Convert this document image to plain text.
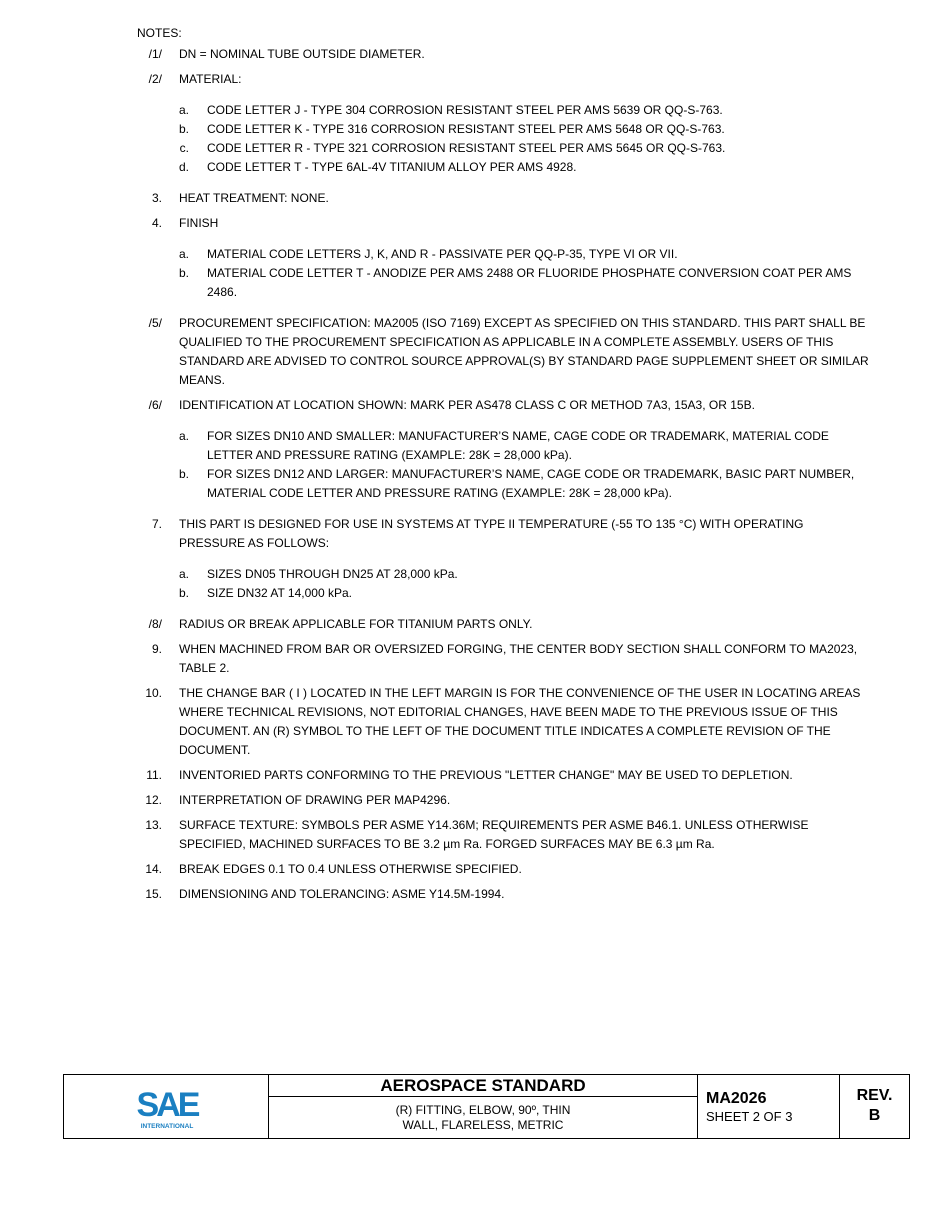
NOTES:
/1/ DN = NOMINAL TUBE OUTSIDE DIAMETER.
/2/ MATERIAL:
a. CODE LETTER J - TYPE 304 CORROSION RESISTANT STEEL PER AMS 5639 OR QQ-S-763.
b. CODE LETTER K - TYPE 316 CORROSION RESISTANT STEEL PER AMS 5648 OR QQ-S-763.
c. CODE LETTER R - TYPE 321 CORROSION RESISTANT STEEL PER AMS 5645 OR QQ-S-763.
d. CODE LETTER T - TYPE 6AL-4V TITANIUM ALLOY PER AMS 4928.
3. HEAT TREATMENT: NONE.
4. FINISH
a. MATERIAL CODE LETTERS J, K, AND R - PASSIVATE PER QQ-P-35, TYPE VI OR VII.
b. MATERIAL CODE LETTER T - ANODIZE PER AMS 2488 OR FLUORIDE PHOSPHATE CONVERSION COAT PER AMS 2486.
/5/ PROCUREMENT SPECIFICATION: MA2005 (ISO 7169) EXCEPT AS SPECIFIED ON THIS STANDARD. THIS PART SHALL BE QUALIFIED TO THE PROCUREMENT SPECIFICATION AS APPLICABLE IN A COMPLETE ASSEMBLY. USERS OF THIS STANDARD ARE ADVISED TO CONTROL SOURCE APPROVAL(S) BY STANDARD PAGE SUPPLEMENT SHEET OR SIMILAR MEANS.
/6/ IDENTIFICATION AT LOCATION SHOWN: MARK PER AS478 CLASS C OR METHOD 7A3, 15A3, OR 15B.
a. FOR SIZES DN10 AND SMALLER: MANUFACTURER’S NAME, CAGE CODE OR TRADEMARK, MATERIAL CODE LETTER AND PRESSURE RATING (EXAMPLE: 28K = 28,000 kPa).
b. FOR SIZES DN12 AND LARGER: MANUFACTURER’S NAME, CAGE CODE OR TRADEMARK, BASIC PART NUMBER, MATERIAL CODE LETTER AND PRESSURE RATING (EXAMPLE: 28K = 28,000 kPa).
7. THIS PART IS DESIGNED FOR USE IN SYSTEMS AT TYPE II TEMPERATURE (-55 TO 135 °C) WITH OPERATING PRESSURE AS FOLLOWS:
a. SIZES DN05 THROUGH DN25 AT 28,000 kPa.
b. SIZE DN32 AT 14,000 kPa.
/8/ RADIUS OR BREAK APPLICABLE FOR TITANIUM PARTS ONLY.
9. WHEN MACHINED FROM BAR OR OVERSIZED FORGING, THE CENTER BODY SECTION SHALL CONFORM TO MA2023, TABLE 2.
10. THE CHANGE BAR ( I ) LOCATED IN THE LEFT MARGIN IS FOR THE CONVENIENCE OF THE USER IN LOCATING AREAS WHERE TECHNICAL REVISIONS, NOT EDITORIAL CHANGES, HAVE BEEN MADE TO THE PREVIOUS ISSUE OF THIS DOCUMENT. AN (R) SYMBOL TO THE LEFT OF THE DOCUMENT TITLE INDICATES A COMPLETE REVISION OF THE DOCUMENT.
11. INVENTORIED PARTS CONFORMING TO THE PREVIOUS "LETTER CHANGE" MAY BE USED TO DEPLETION.
12. INTERPRETATION OF DRAWING PER MAP4296.
13. SURFACE TEXTURE: SYMBOLS PER ASME Y14.36M; REQUIREMENTS PER ASME B46.1. UNLESS OTHERWISE SPECIFIED, MACHINED SURFACES TO BE 3.2 µm Ra. FORGED SURFACES MAY BE 6.3 µm Ra.
14. BREAK EDGES 0.1 TO 0.4 UNLESS OTHERWISE SPECIFIED.
15. DIMENSIONING AND TOLERANCING: ASME Y14.5M-1994.
SAE
INTERNATIONAL
AEROSPACE STANDARD
(R) FITTING, ELBOW, 90º, THIN
WALL, FLARELESS, METRIC
MA2026
SHEET 2 OF 3
REV.
B
